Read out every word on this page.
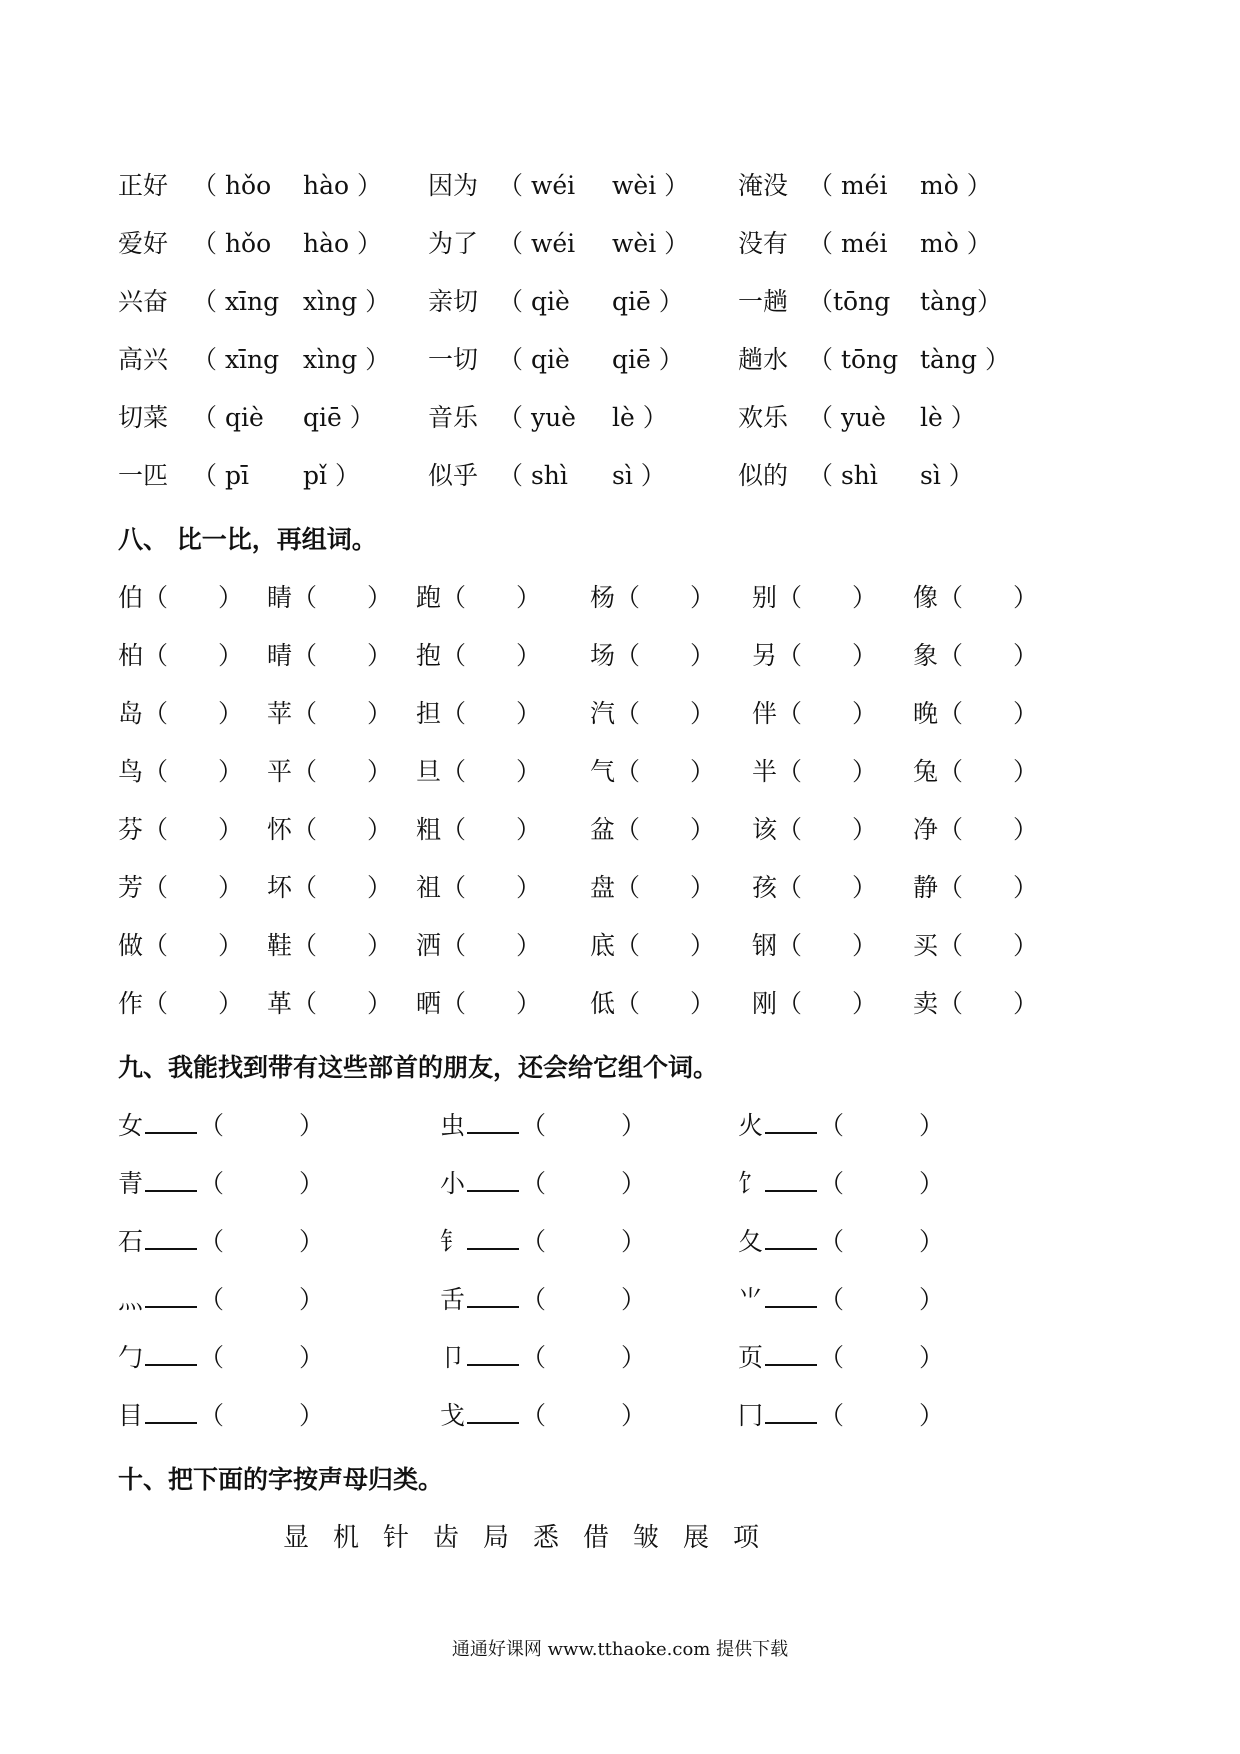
正好 （ hǒo hào ） 因为 （ wéi wèi ） 淹没 （ méi mò ）
爱好 （ hǒo hào ） 为了 （ wéi wèi ） 没有 （ méi mò ）
兴奋 （ xīng xìng ） 亲切 （ qiè qiē ） 一趟 （tōng tàng）
高兴 （ xīng xìng ） 一切 （ qiè qiē ） 趟水 （ tōng tàng ）
切菜 （ qiè qiē ） 音乐 （ yuè lè ）	欢乐 （ yuè lè ）
一匹 （ pī pǐ ）	似乎 （ shì sì ）	似的 （ shì sì ）
八、 比一比，再组词。
伯（　　） 睛（　　） 跑（　　） 杨（　　） 别（　　） 像（　　）
柏（　　） 晴（　　） 抱（　　） 场（　　） 另（　　） 象（　　）
岛（　　） 苹（　　） 担（　　） 汽（　　） 伴（　　） 晚（　　）
鸟（　　） 平（　　） 旦（　　） 气（　　） 半（　　） 兔（　　）
芬（　　） 怀（　　） 粗（　　） 盆（　　） 该（　　） 净（　　）
芳（　　） 坏（　　） 祖（　　） 盘（　　） 孩（　　） 静（　　）
做（　　） 鞋（　　） 洒（　　） 底（　　） 钢（　　） 买（　　）
作（　　） 革（　　） 晒（　　） 低（　　） 刚（　　） 卖（　　）
九、我能找到带有这些部首的朋友，还会给它组个词。
女 （　　　）	虫 （　　　）	火 （　　　）
青 （　　　）	小 （　　　）	饣 （　　　）
石 （　　　）	钅 （　　　）	夂 （　　　）
灬 （　　　）	舌 （　　　）	⺌ （　　　）
勹 （　　　）	卩 （　　　）	页 （　　　）
目 （　　　）	戈 （　　　）	冂 （　　　）
十、把下面的字按声母归类。
显 机 针 齿 局 悉 借 皱 展 项
通通好课网 www.tthaoke.com 提供下载
